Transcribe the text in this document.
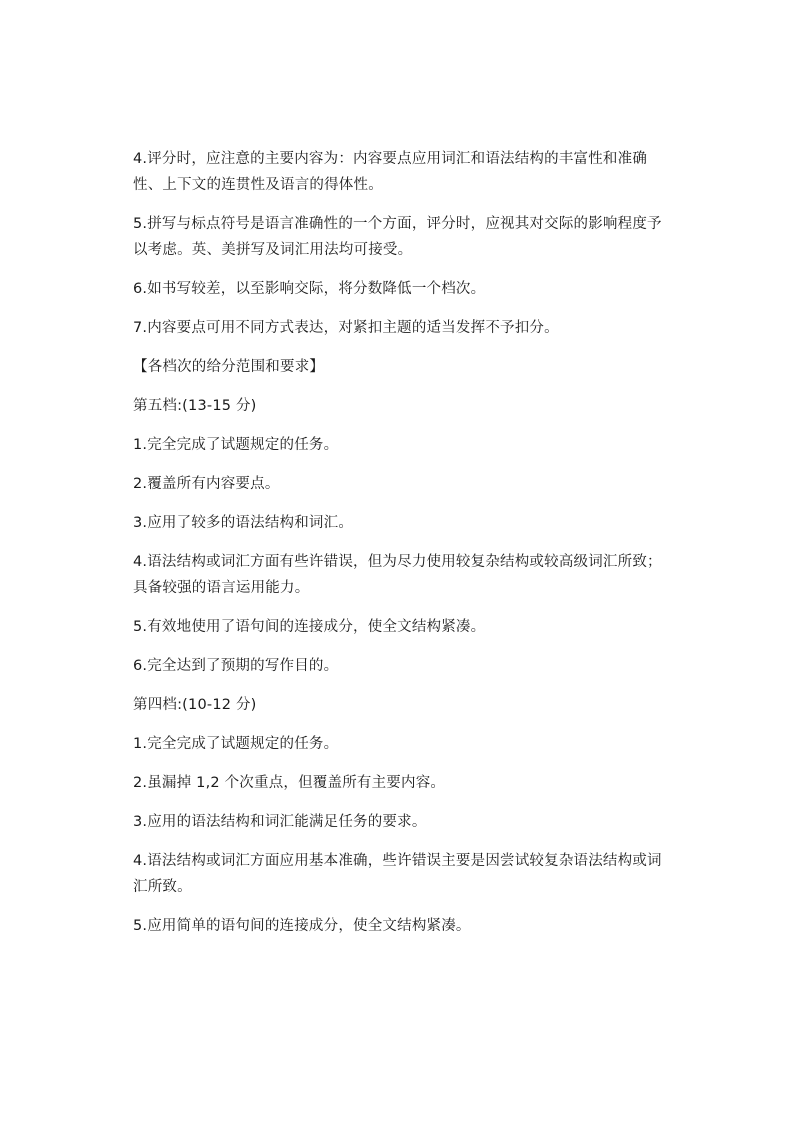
4.评分时，应注意的主要内容为：内容要点应用词汇和语法结构的丰富性和准确性、上下文的连贯性及语言的得体性。

5.拼写与标点符号是语言准确性的一个方面，评分时，应视其对交际的影响程度予以考虑。英、美拼写及词汇用法均可接受。

6.如书写较差，以至影响交际，将分数降低一个档次。

7.内容要点可用不同方式表达，对紧扣主题的适当发挥不予扣分。

【各档次的给分范围和要求】

第五档:(13-15 分)

1.完全完成了试题规定的任务。

2.覆盖所有内容要点。

3.应用了较多的语法结构和词汇。

4.语法结构或词汇方面有些许错误，但为尽力使用较复杂结构或较高级词汇所致；具备较强的语言运用能力。

5.有效地使用了语句间的连接成分，使全文结构紧凑。

6.完全达到了预期的写作目的。

第四档:(10-12 分)

1.完全完成了试题规定的任务。

2.虽漏掉 1,2 个次重点，但覆盖所有主要内容。

3.应用的语法结构和词汇能满足任务的要求。

4.语法结构或词汇方面应用基本准确，些许错误主要是因尝试较复杂语法结构或词汇所致。

5.应用简单的语句间的连接成分，使全文结构紧凑。
